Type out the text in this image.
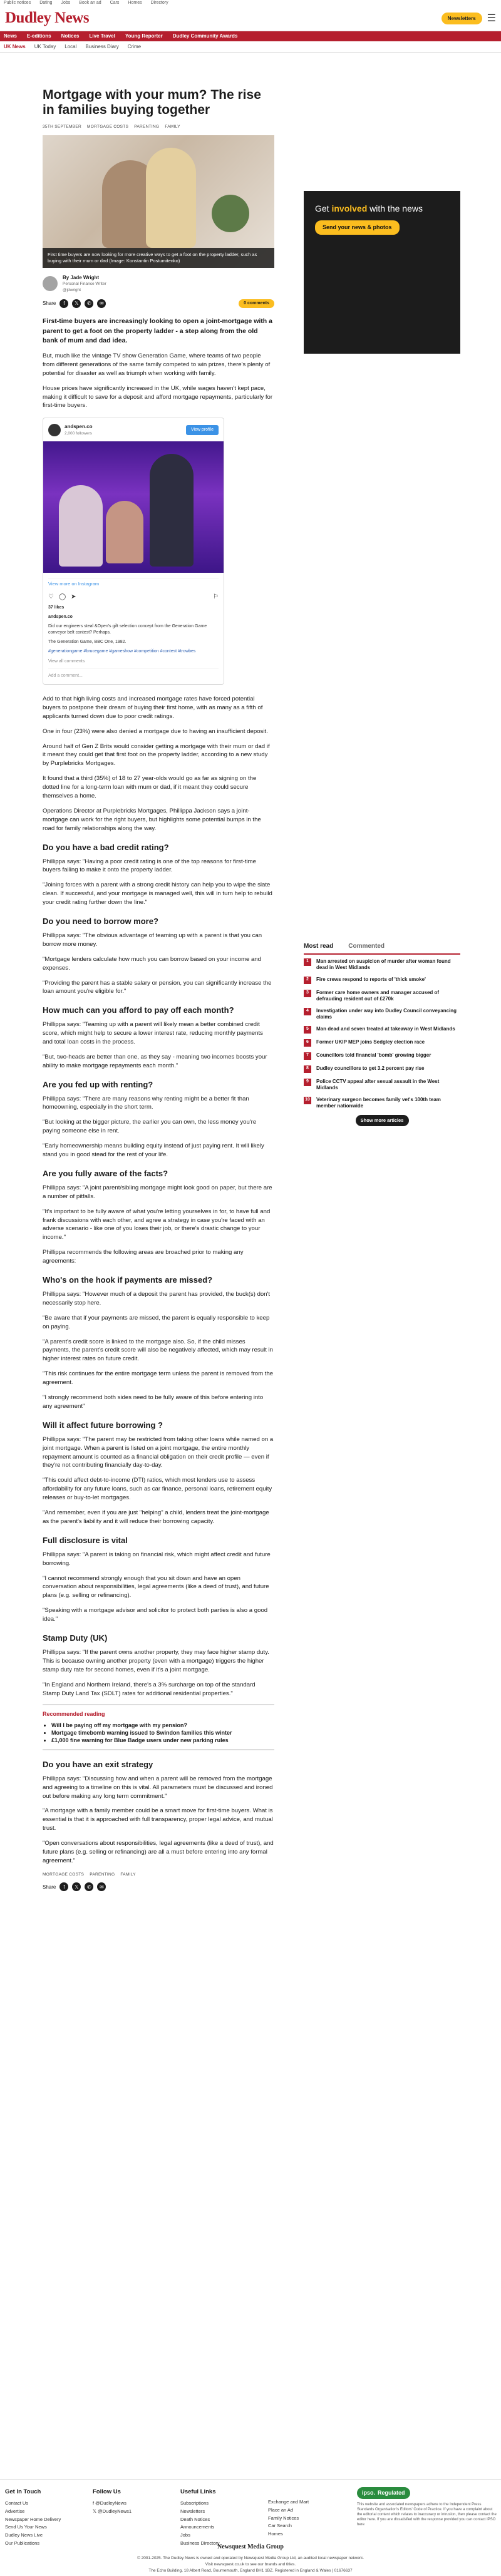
Public notices Dating Jobs Book an ad Cars Homes Directory
Dudley News	Newsletters	☰
News E-editions Notices Live Travel Young Reporter Dudley Community Awards
UK News UK Today Local Business Diary Crime
Mortgage with your mum? The rise in families buying together
35TH SEPTEMBER MORTGAGE COSTS PARENTING FAMILY
First time buyers are now looking for more creative ways to get a foot on the property ladder, such as buying with their mum or dad (Image: Konstantin Postumitenko)
By Jade Wright
Personal Finance Writer
@jdwright
Share	f	𝕏	✆	✉	0 comments

First-time buyers are increasingly looking to open a joint-mortgage with a parent to get a foot on the property ladder - a step along from the old bank of mum and dad idea.

But, much like the vintage TV show Generation Game, where teams of two people from different generations of the same family competed to win prizes, there's plenty of potential for disaster as well as triumph when working with family.

House prices have significantly increased in the UK, while wages haven't kept pace, making it difficult to save for a deposit and afford mortgage repayments, particularly for first-time buyers.

andspen.co
2,000 followers
View profile
View more on Instagram
♡ ◯ ➤	⚐
37 likes
andspen.co
Did our engineers steal &Open's gift selection concept from the Generation Game conveyor belt contest? Perhaps.
The Generation Game, BBC One, 1982.
#generationgame #brucegame #gameshow #competition #contest #trowbes
View all comments
Add a comment...

Add to that high living costs and increased mortgage rates have forced potential buyers to postpone their dream of buying their first home, with as many as a fifth of applicants turned down due to poor credit ratings.

One in four (23%) were also denied a mortgage due to having an insufficient deposit.

Around half of Gen Z Brits would consider getting a mortgage with their mum or dad if it meant they could get that first foot on the property ladder, according to a new study by Purplebricks Mortgages.

It found that a third (35%) of 18 to 27 year-olds would go as far as signing on the dotted line for a long-term loan with mum or dad, if it meant they could secure themselves a home.

Operations Director at Purplebricks Mortgages, Phillippa Jackson says a joint-mortgage can work for the right buyers, but highlights some potential bumps in the road for family relationships along the way.

Do you have a bad credit rating?

Phillippa says: "Having a poor credit rating is one of the top reasons for first-time buyers failing to make it onto the property ladder.

"Joining forces with a parent with a strong credit history can help you to wipe the slate clean. If successful, and your mortgage is managed well, this will in turn help to rebuild your credit rating further down the line."

Do you need to borrow more?

Phillippa says: "The obvious advantage of teaming up with a parent is that you can borrow more money.

"Mortgage lenders calculate how much you can borrow based on your income and expenses.

"Providing the parent has a stable salary or pension, you can significantly increase the loan amount you're eligible for."

How much can you afford to pay off each month?

Phillippa says: "Teaming up with a parent will likely mean a better combined credit score, which might help to secure a lower interest rate, reducing monthly payments and total loan costs in the process.

"But, two-heads are better than one, as they say - meaning two incomes boosts your ability to make mortgage repayments each month."

Are you fed up with renting?

Phillippa says: "There are many reasons why renting might be a better fit than homeowning, especially in the short term.

"But looking at the bigger picture, the earlier you can own, the less money you're paying someone else in rent.

"Early homeownership means building equity instead of just paying rent. It will likely stand you in good stead for the rest of your life.

Are you fully aware of the facts?

Phillippa says: "A joint parent/sibling mortgage might look good on paper, but there are a number of pitfalls.

"It's important to be fully aware of what you're letting yourselves in for, to have full and frank discussions with each other, and agree a strategy in case you're faced with an adverse scenario - like one of you loses their job, or there's drastic change to your income."

Phillippa recommends the following areas are broached prior to making any agreements:

Who's on the hook if payments are missed?

Phillippa says: "However much of a deposit the parent has provided, the buck(s) don't necessarily stop here.

"Be aware that if your payments are missed, the parent is equally responsible to keep on paying.

"A parent's credit score is linked to the mortgage also. So, if the child misses payments, the parent's credit score will also be negatively affected, which may result in higher interest rates on future credit.

"This risk continues for the entire mortgage term unless the parent is removed from the agreement.

"I strongly recommend both sides need to be fully aware of this before entering into any agreement"

Will it affect future borrowing ?

Phillippa says: "The parent may be restricted from taking other loans while named on a joint mortgage. When a parent is listed on a joint mortgage, the entire monthly repayment amount is counted as a financial obligation on their credit profile — even if they're not contributing financially day-to-day.

"This could affect debt-to-income (DTI) ratios, which most lenders use to assess affordability for any future loans, such as car finance, personal loans, retirement equity releases or buy-to-let mortgages.

"And remember, even if you are just "helping" a child, lenders treat the joint-mortgage as the parent's liability and it will reduce their borrowing capacity.

Full disclosure is vital

Phillippa says: "A parent is taking on financial risk, which might affect credit and future borrowing.

"I cannot recommend strongly enough that you sit down and have an open conversation about responsibilities, legal agreements (like a deed of trust), and future plans (e.g. selling or refinancing).

"Speaking with a mortgage advisor and solicitor to protect both parties is also a good idea."

Stamp Duty (UK)

Phillippa says: "If the parent owns another property, they may face higher stamp duty. This is because owning another property (even with a mortgage) triggers the higher stamp duty rate for second homes, even if it's a joint mortgage.

"In England and Northern Ireland, there's a 3% surcharge on top of the standard Stamp Duty Land Tax (SDLT) rates for additional residential properties."

Recommended reading
• Will I be paying off my mortgage with my pension?
• Mortgage timebomb warning issued to Swindon families this winter
• £1,000 fine warning for Blue Badge users under new parking rules
Do you have an exit strategy

Phillippa says: "Discussing how and when a parent will be removed from the mortgage and agreeing to a timeline on this is vital. All parameters must be discussed and ironed out before making any long term commitment."

"A mortgage with a family member could be a smart move for first-time buyers. What is essential is that it is approached with full transparency, proper legal advice, and mutual trust.

"Open conversations about responsibilities, legal agreements (like a deed of trust), and future plans (e.g. selling or refinancing) are all a must before entering into any formal agreement."

MORTGAGE COSTS PARENTING FAMILY
Share	f	𝕏	✆	✉
Get involved with the news
Send your news & photos
Most read Commented
1	Man arrested on suspicion of murder after woman found dead in West Midlands
2	Fire crews respond to reports of 'thick smoke'
3	Former care home owners and manager accused of defrauding resident out of £270k
4	Investigation under way into Dudley Council conveyancing claims
5	Man dead and seven treated at takeaway in West Midlands
6	Former UKIP MEP joins Sedgley election race
7	Councillors told financial 'bomb' growing bigger
8	Dudley councillors to get 3.2 percent pay rise
9	Police CCTV appeal after sexual assault in the West Midlands
10 Veterinary surgeon becomes family vet's 100th team member nationwide
Show more articles
Get In Touch
Contact Us
Advertise
Newspaper Home Delivery
Send Us Your News
Dudley News Live
Our Publications
Follow Us
f @DudleyNews
𝕏 @DudleyNews1
Useful Links
Subscriptions
Newsletters
Death Notices
Announcements
Jobs
Business Directory
Exchange and Mart
Place an Ad
Family Notices
Car Search
Homes
ipso. Regulated
This website and associated newspapers adhere to the Independent Press Standards Organisation's Editors' Code of Practice. If you have a complaint about the editorial content which relates to inaccuracy or intrusion, then please contact the editor here. If you are dissatisfied with the response provided you can contact IPSO here
Newsquest Media Group
© 2001-2025. The Dudley News is owned and operated by Newsquest Media Group Ltd, an audited local newspaper network.
Visit newsquest.co.uk to see our brands and titles.
The Echo Building, 18 Albert Road, Bournemouth, England BH1 1BZ. Registered in England & Wales | 01676637
